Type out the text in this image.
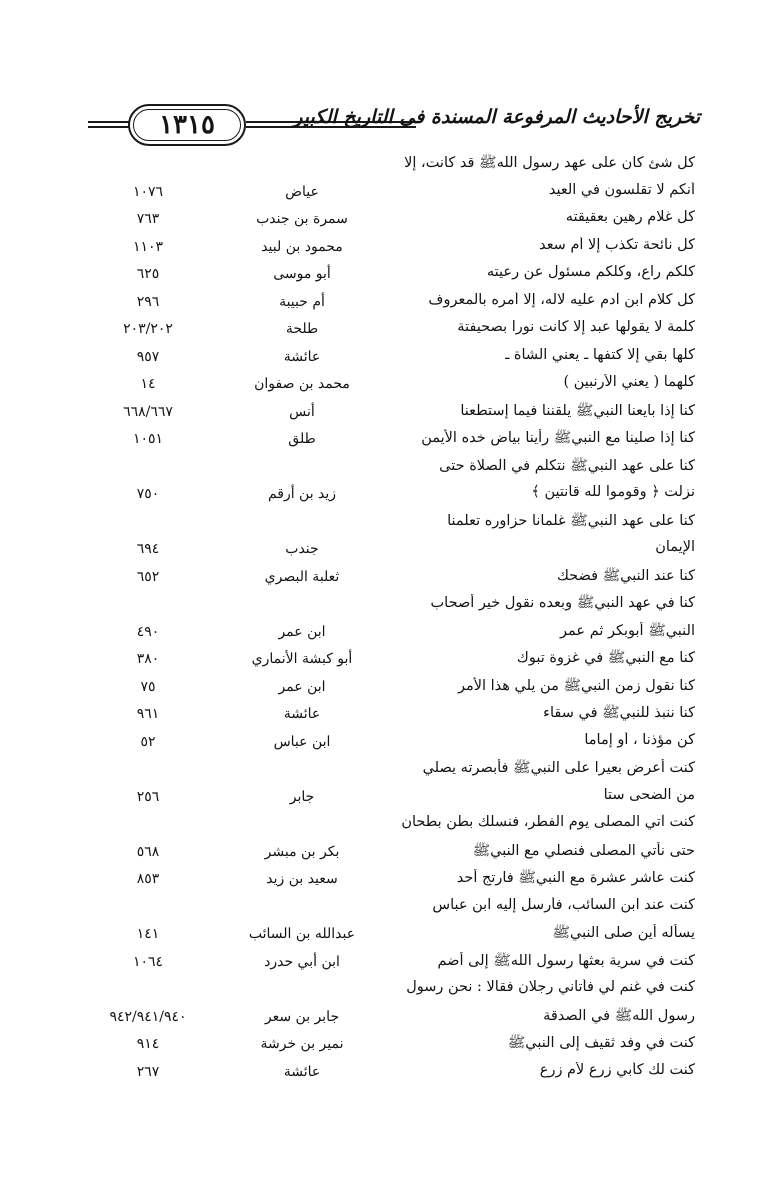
١٣١٥	تخريج الأحاديث المرفوعة المسندة في التاريخ الكبير
كل شئ كان على عهد رسول اللهﷺ قد كانت، إلا
أنكم لا تقلسون في العيد
عياض
١٠٧٦
كل غلام رهين بعقيقته
سمرة بن جندب
٧٦٣
كل نائحة تكذب إلا أم سعد
محمود بن لبيد
١١٠٣
كلكم راع، وكلكم مسئول عن رعيته
أبو موسى
٦٢٥
كل كلام ابن آدم عليه لاله، إلا أمره بالمعروف
أم حبيبة
٢٩٦
كلمة لا يقولها عبد إلا كانت نورا بصحيفتة
طلحة
٢٠٣/٢٠٢
كلها بقي إلا كتفها ـ يعني الشاة ـ
عائشة
٩٥٧
كلهما ( يعني الأرنبين )
محمد بن صفوان
١٤
كنا إذا بايعنا النبيﷺ يلقننا فيما إستطعنا
أنس
٦٦٨/٦٦٧
كنا إذا صلينا مع النبيﷺ رأينا بياض خده الأيمن
طلق
١٠٥١
كنا على عهد النبيﷺ نتكلم في الصلاة حتى
نزلت ﴿ وقوموا لله قانتين ﴾
زيد بن أرقم
٧٥٠
كنا على عهد النبيﷺ غلمانا حزاوره تعلمنا
الإيمان
جندب
٦٩٤
كنا عند النبيﷺ فضحك
ثعلبة البصري
٦٥٢
كنا في عهد النبيﷺ وبعده نقول خير أصحاب
النبيﷺ أبوبكر ثم عمر
ابن عمر
٤٩٠
كنا مع النبيﷺ في غزوة تبوك
أبو كبشة الأنماري
٣٨٠
كنا نقول زمن النبيﷺ من يلي هذا الأمر
ابن عمر
٧٥
كنا ننبذ للنبيﷺ في سقاء
عائشة
٩٦١
كن مؤذنا ، أو إماما
ابن عباس
٥٢
كنت أعرض بعيرا على النبيﷺ فأبصرته يصلي
من الضحى ستا
جابر
٢٥٦
كنت آتي المصلى يوم الفطر، فنسلك بطن بطحان
حتى نأتي المصلى فنصلي مع النبيﷺ
بكر بن مبشر
٥٦٨
كنت عاشر عشرة مع النبيﷺ فارتج أحد
سعيد بن زيد
٨٥٣
كنت عند ابن السائب، فأرسل إليه ابن عباس
يسأله أين صلى النبيﷺ
عبدالله بن السائب
١٤١
كنت في سرية بعثها رسول اللهﷺ إلى أضم
ابن أبي حدرد
١٠٦٤
كنت في غنم لي فأتاني رجلان فقالا : نحن رسول
رسول اللهﷺ في الصدقة
جابر بن سعر
٩٤٢/٩٤١/٩٤٠
كنت في وفد ثقيف إلى النبيﷺ
نمير بن خرشة
٩١٤
كنت لك كأبي زرع لأم زرع
عائشة
٢٦٧
